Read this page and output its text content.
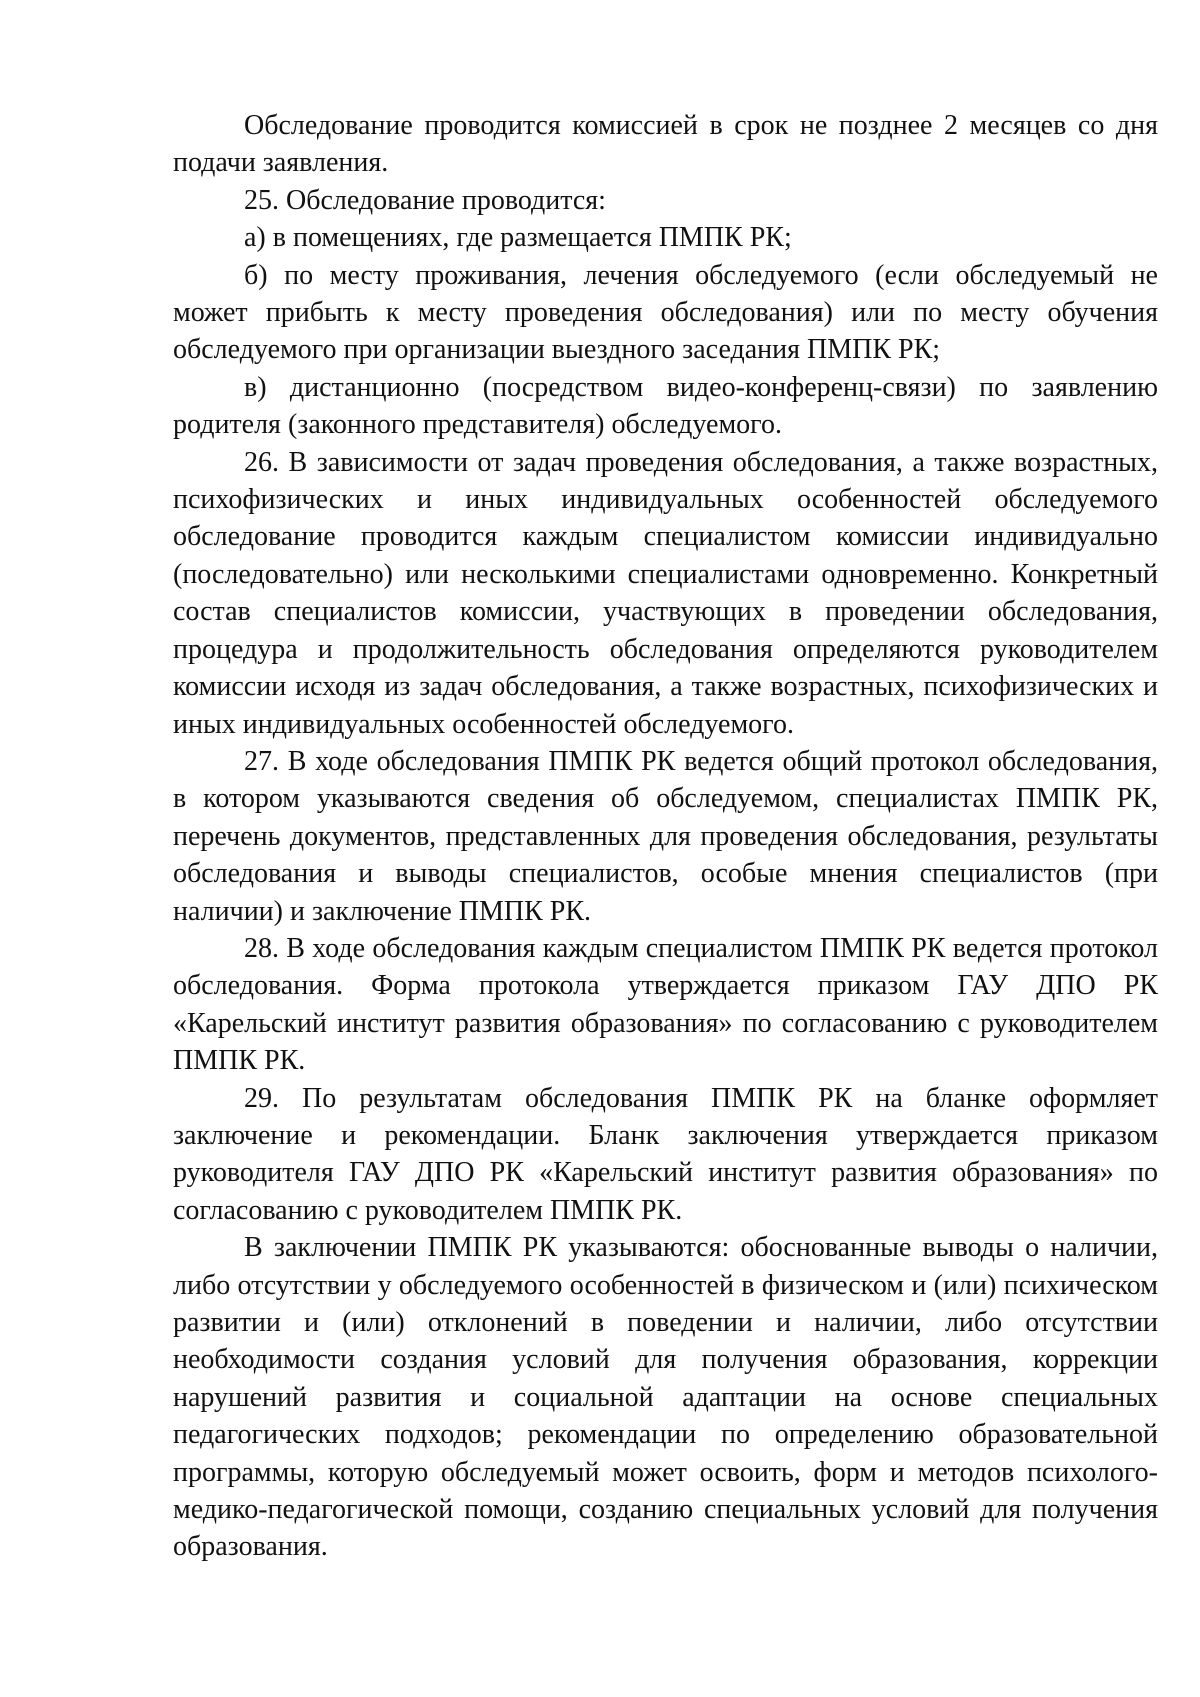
Обследование проводится комиссией в срок не позднее 2 месяцев со дня подачи заявления.

25. Обследование проводится:

а) в помещениях, где размещается ПМПК РК;

б) по месту проживания, лечения обследуемого (если обследуемый не может прибыть к месту проведения обследования) или по месту обучения обследуемого при организации выездного заседания ПМПК РК;

в) дистанционно (посредством видео-конференц-связи) по заявлению родителя (законного представителя) обследуемого.

26. В зависимости от задач проведения обследования, а также возрастных, психофизических и иных индивидуальных особенностей обследуемого обследование проводится каждым специалистом комиссии индивидуально (последовательно) или несколькими специалистами одновременно. Конкретный состав специалистов комиссии, участвующих в проведении обследования, процедура и продолжительность обследования определяются руководителем комиссии исходя из задач обследования, а также возрастных, психофизических и иных индивидуальных особенностей обследуемого.

27. В ходе обследования ПМПК РК ведется общий протокол обследования, в котором указываются сведения об обследуемом, специалистах ПМПК РК, перечень документов, представленных для проведения обследования, результаты обследования и выводы специалистов, особые мнения специалистов (при наличии) и заключение ПМПК РК.

28. В ходе обследования каждым специалистом ПМПК РК ведется протокол обследования. Форма протокола утверждается приказом ГАУ ДПО РК «Карельский институт развития образования» по согласованию с руководителем ПМПК РК.

29. По результатам обследования ПМПК РК на бланке оформляет заключение и рекомендации. Бланк заключения утверждается приказом руководителя ГАУ ДПО РК «Карельский институт развития образования» по согласованию с руководителем ПМПК РК.

В заключении ПМПК РК указываются: обоснованные выводы о наличии, либо отсутствии у обследуемого особенностей в физическом и (или) психическом развитии и (или) отклонений в поведении и наличии, либо отсутствии необходимости создания условий для получения образования, коррекции нарушений развития и социальной адаптации на основе специальных педагогических подходов; рекомендации по определению образовательной программы, которую обследуемый может освоить, форм и методов психолого-медико-педагогической помощи, созданию специальных условий для получения образования.
